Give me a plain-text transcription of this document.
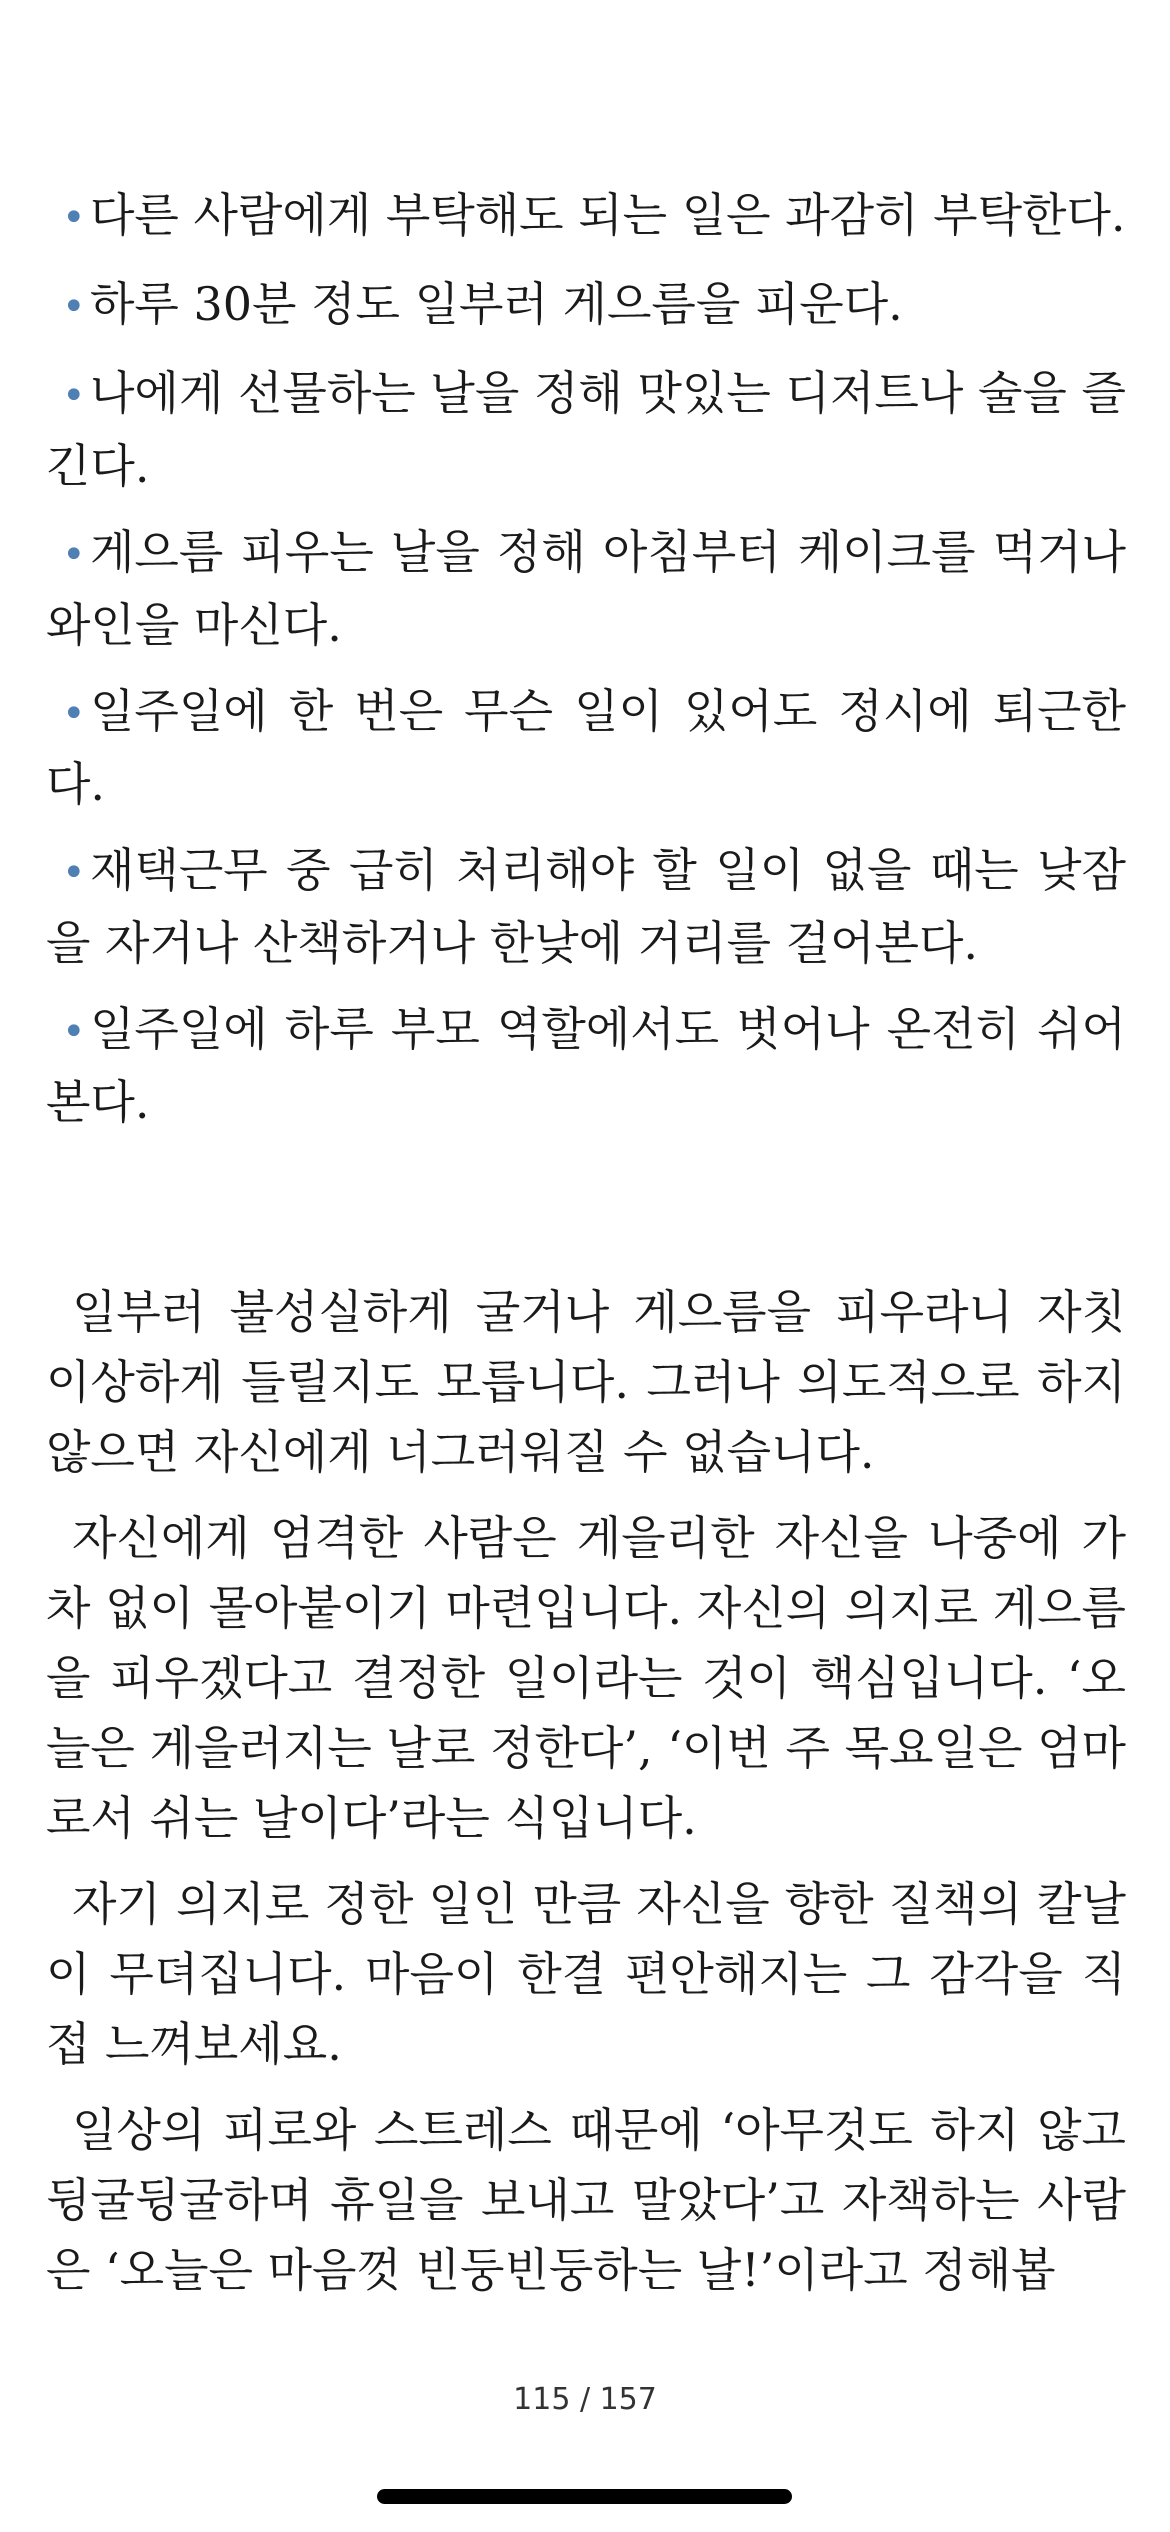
•다른 사람에게 부탁해도 되는 일은 과감히 부탁한다.
•하루 30분 정도 일부러 게으름을 피운다.
•나에게 선물하는 날을 정해 맛있는 디저트나 술을 즐긴다.
•게으름 피우는 날을 정해 아침부터 케이크를 먹거나 와인을 마신다.
•일주일에 한 번은 무슨 일이 있어도 정시에 퇴근한다.
•재택근무 중 급히 처리해야 할 일이 없을 때는 낮잠을 자거나 산책하거나 한낮에 거리를 걸어본다.
•일주일에 하루 부모 역할에서도 벗어나 온전히 쉬어본다.

일부러 불성실하게 굴거나 게으름을 피우라니 자칫 이상하게 들릴지도 모릅니다. 그러나 의도적으로 하지 않으면 자신에게 너그러워질 수 없습니다.

자신에게 엄격한 사람은 게을리한 자신을 나중에 가차 없이 몰아붙이기 마련입니다. 자신의 의지로 게으름을 피우겠다고 결정한 일이라는 것이 핵심입니다. ‘오늘은 게을러지는 날로 정한다’, ‘이번 주 목요일은 엄마로서 쉬는 날이다’라는 식입니다.

자기 의지로 정한 일인 만큼 자신을 향한 질책의 칼날이 무뎌집니다. 마음이 한결 편안해지는 그 감각을 직접 느껴보세요.

일상의 피로와 스트레스 때문에 ‘아무것도 하지 않고 뒹굴뒹굴하며 휴일을 보내고 말았다’고 자책하는 사람은 ‘오늘은 마음껏 빈둥빈둥하는 날!’이라고 정해봅

115 / 157
